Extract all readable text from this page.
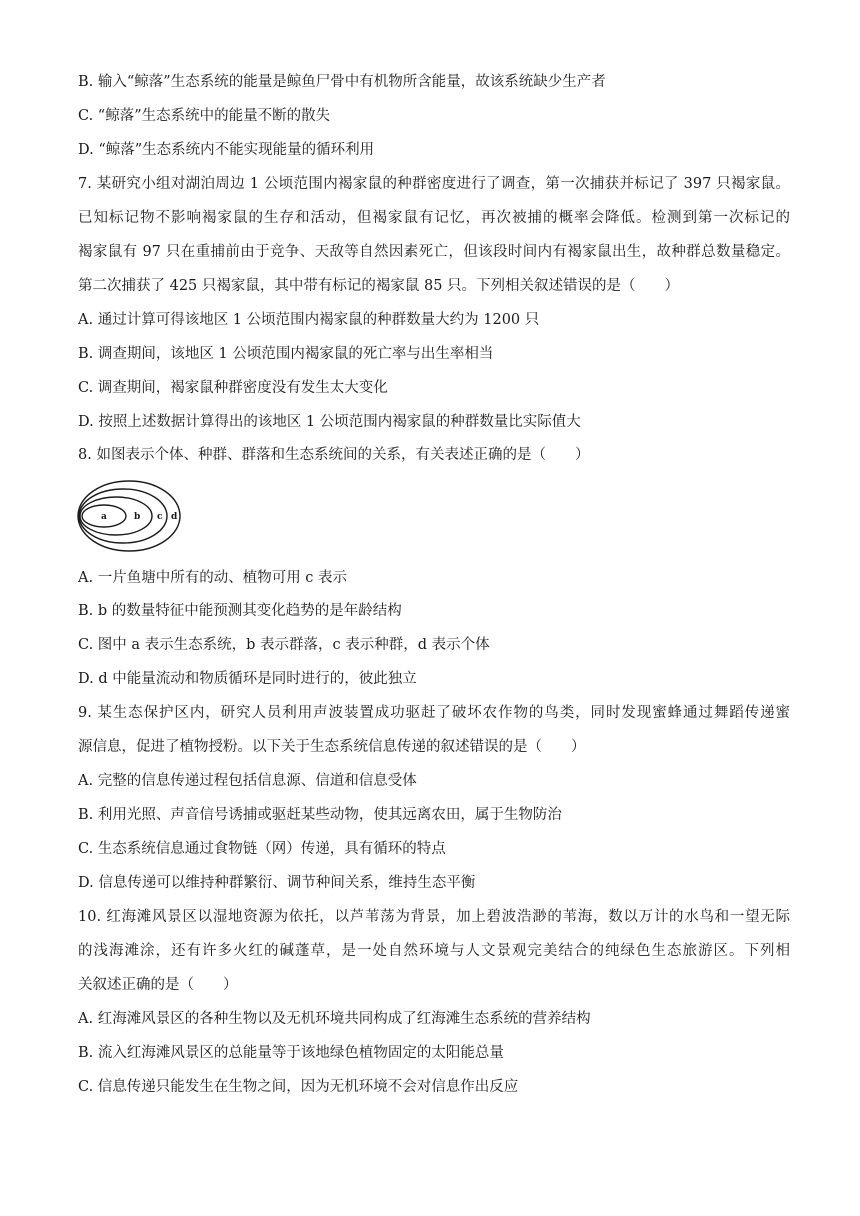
B. 输入“鲸落”生态系统的能量是鲸鱼尸骨中有机物所含能量，故该系统缺少生产者
C. “鲸落”生态系统中的能量不断的散失
D. “鲸落”生态系统内不能实现能量的循环利用
7. 某研究小组对湖泊周边 1 公顷范围内褐家鼠的种群密度进行了调查，第一次捕获并标记了 397 只褐家鼠。
已知标记物不影响褐家鼠的生存和活动，但褐家鼠有记忆，再次被捕的概率会降低。检测到第一次标记的
褐家鼠有 97 只在重捕前由于竞争、天敌等自然因素死亡，但该段时间内有褐家鼠出生，故种群总数量稳定。
第二次捕获了 425 只褐家鼠，其中带有标记的褐家鼠 85 只。下列相关叙述错误的是（　　）
A. 通过计算可得该地区 1 公顷范围内褐家鼠的种群数量大约为 1200 只
B. 调查期间，该地区 1 公顷范围内褐家鼠的死亡率与出生率相当
C. 调查期间，褐家鼠种群密度没有发生太大变化
D. 按照上述数据计算得出的该地区 1 公顷范围内褐家鼠的种群数量比实际值大
8. 如图表示个体、种群、群落和生态系统间的关系，有关表述正确的是（　　）
a	b c d
A. 一片鱼塘中所有的动、植物可用 c 表示
B. b 的数量特征中能预测其变化趋势的是年龄结构
C. 图中 a 表示生态系统，b 表示群落，c 表示种群，d 表示个体
D. d 中能量流动和物质循环是同时进行的，彼此独立
9. 某生态保护区内，研究人员利用声波装置成功驱赶了破坏农作物的鸟类，同时发现蜜蜂通过舞蹈传递蜜
源信息，促进了植物授粉。以下关于生态系统信息传递的叙述错误的是（　　）
A. 完整的信息传递过程包括信息源、信道和信息受体
B. 利用光照、声音信号诱捕或驱赶某些动物，使其远离农田，属于生物防治
C. 生态系统信息通过食物链（网）传递，具有循环的特点
D. 信息传递可以维持种群繁衍、调节种间关系，维持生态平衡
10. 红海滩风景区以湿地资源为依托，以芦苇荡为背景，加上碧波浩渺的苇海，数以万计的水鸟和一望无际
的浅海滩涂，还有许多火红的碱蓬草，是一处自然环境与人文景观完美结合的纯绿色生态旅游区。下列相
关叙述正确的是（　　）
A. 红海滩风景区的各种生物以及无机环境共同构成了红海滩生态系统的营养结构
B. 流入红海滩风景区的总能量等于该地绿色植物固定的太阳能总量
C. 信息传递只能发生在生物之间，因为无机环境不会对信息作出反应
